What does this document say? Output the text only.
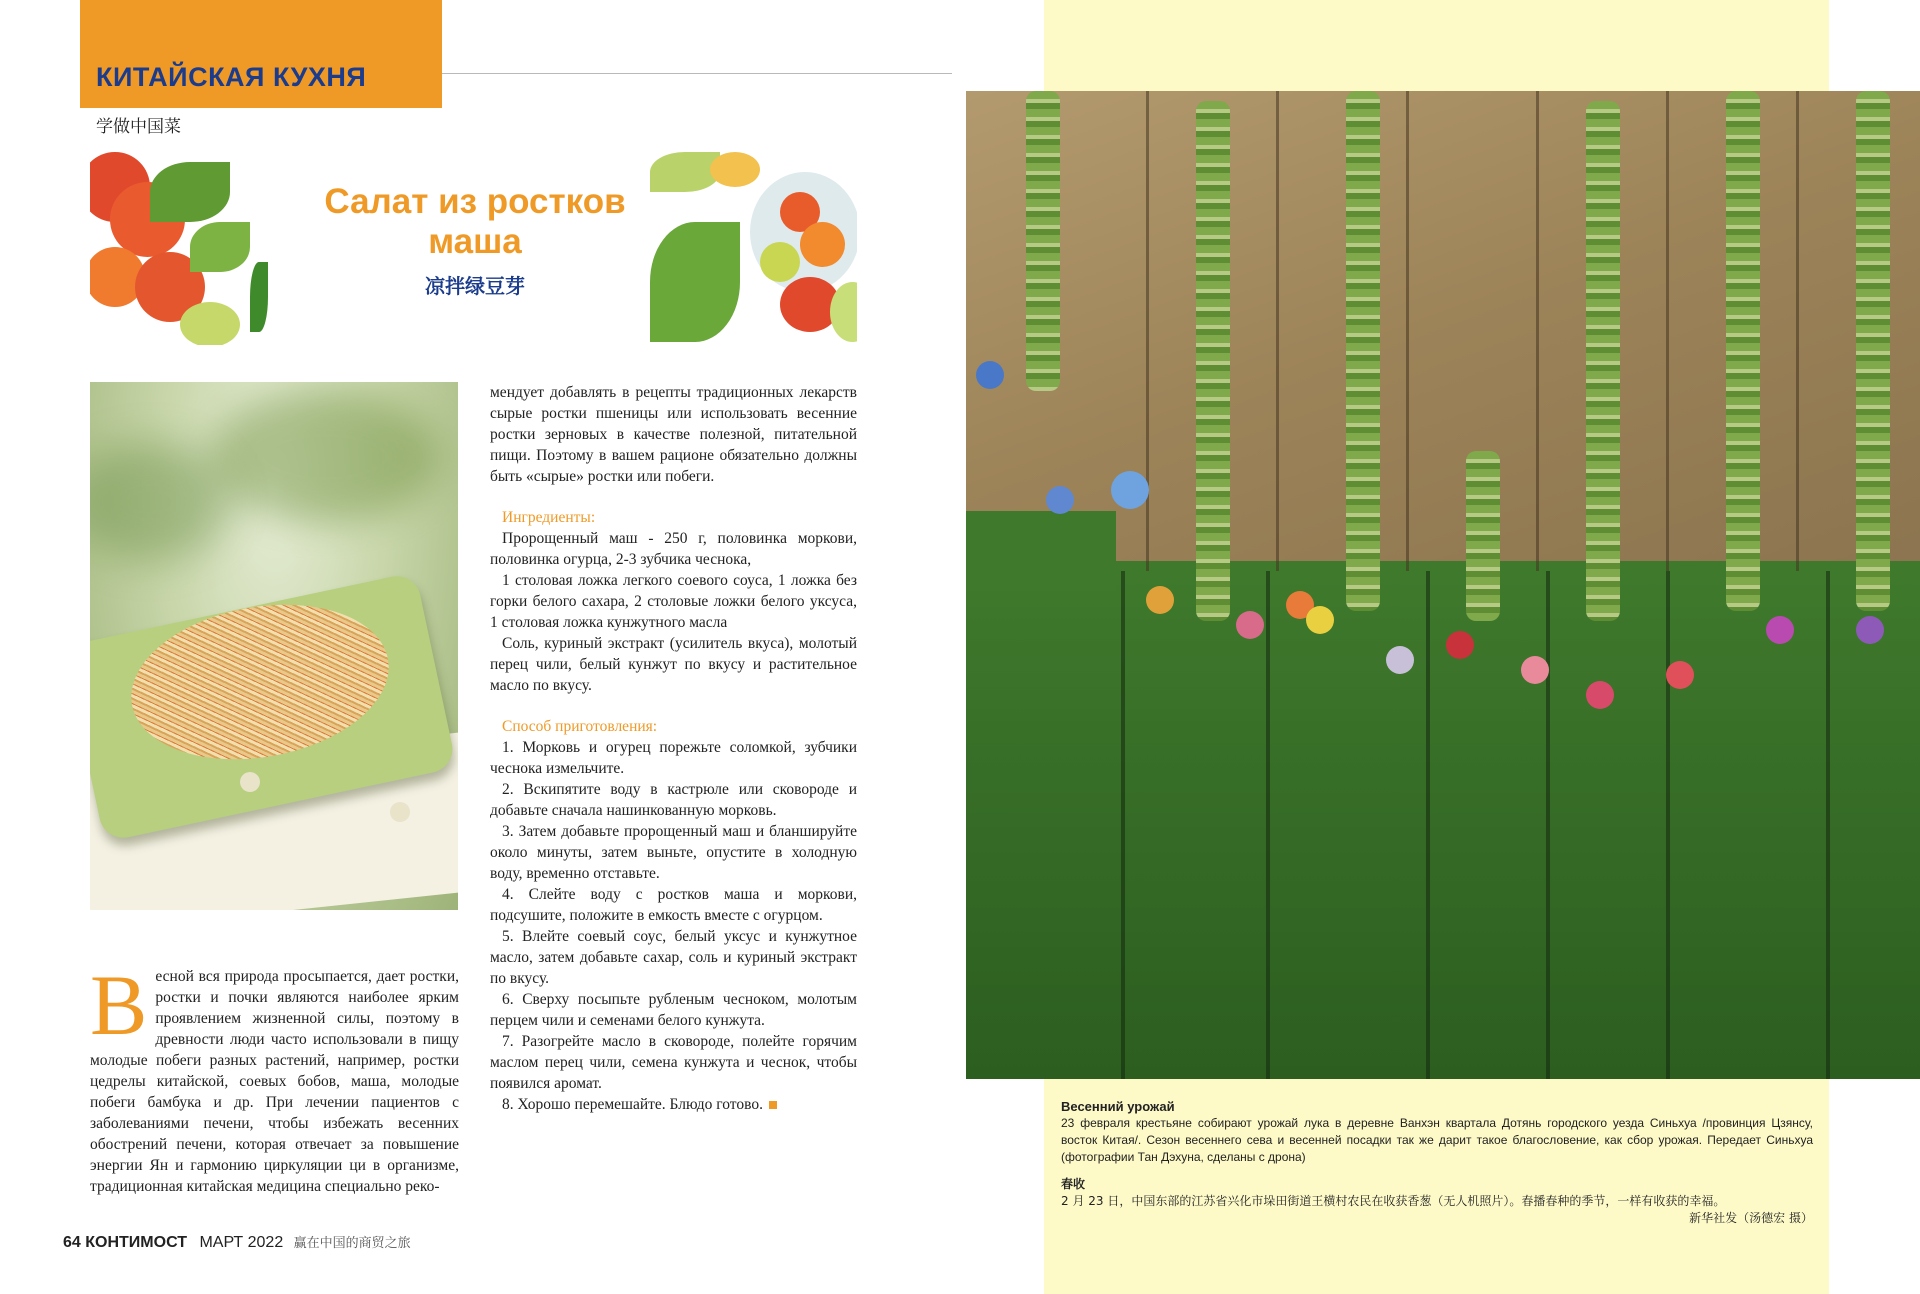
КИТАЙСКАЯ КУХНЯ
学做中国菜
Салат из ростков маша
凉拌绿豆芽
В есной вся природа просыпается, дает ростки, ростки и почки являются наиболее ярким проявлением жизненной силы, поэтому в древности люди часто использовали в пищу молодые побеги разных растений, например, ростки цедрелы китайской, соевых бобов, маша, молодые побеги бамбука и др. При лечении пациентов с заболеваниями печени, чтобы избежать весенних обострений печени, которая отвечает за повышение энергии Ян и гармонию циркуляции ци в организме, традиционная китайская медицина специально реко-

мендует добавлять в рецепты традиционных лекарств сырые ростки пшеницы или использовать весенние ростки зерновых в качестве полезной, питательной пищи. Поэтому в вашем рационе обязательно должны быть «сырые» ростки или побеги.

Ингредиенты:

Пророщенный маш - 250 г, половинка моркови, половинка огурца, 2-3 зубчика чеснока,

1 столовая ложка легкого соевого соуса, 1 ложка без горки белого сахара, 2 столовые ложки белого уксуса, 1 столовая ложка кунжутного масла

Соль, куриный экстракт (усилитель вкуса), молотый перец чили, белый кунжут по вкусу и растительное масло по вкусу.

Способ приготовления:

1. Морковь и огурец порежьте соломкой, зубчики чеснока измельчите.

2. Вскипятите воду в кастрюле или сковороде и добавьте сначала нашинкованную морковь.

3. Затем добавьте пророщенный маш и бланшируйте около минуты, затем выньте, опустите в холодную воду, временно отставьте.

4. Слейте воду с ростков маша и моркови, подсушите, положите в емкость вместе с огурцом.

5. Влейте соевый соус, белый уксус и кунжутное масло, затем добавьте сахар, соль и куриный экстракт по вкусу.

6. Сверху посыпьте рубленым чесноком, молотым перцем чили и семенами белого кунжута.

7. Разогрейте масло в сковороде, полейте горячим маслом перец чили, семена кунжута и чеснок, чтобы появился аромат.

8. Хорошо перемешайте. Блюдо готово.

64 КОНТИМОСТ МАРТ 2022 赢在中国的商贸之旅

Весенний урожай

23 февраля крестьяне собирают урожай лука в деревне Ванхэн квартала Дотянь городского уезда Синьхуа /провинция Цзянсу, восток Китая/. Сезон весеннего сева и весенней посадки так же дарит такое благословение, как сбор урожая. Передает Синьхуа (фотографии Тан Дэхуна, сделаны с дрона)

春收

2 月 23 日，中国东部的江苏省兴化市垛田街道王横村农民在收获香葱（无人机照片）。春播春种的季节，一样有收获的幸福。

新华社发（汤德宏 摄）
